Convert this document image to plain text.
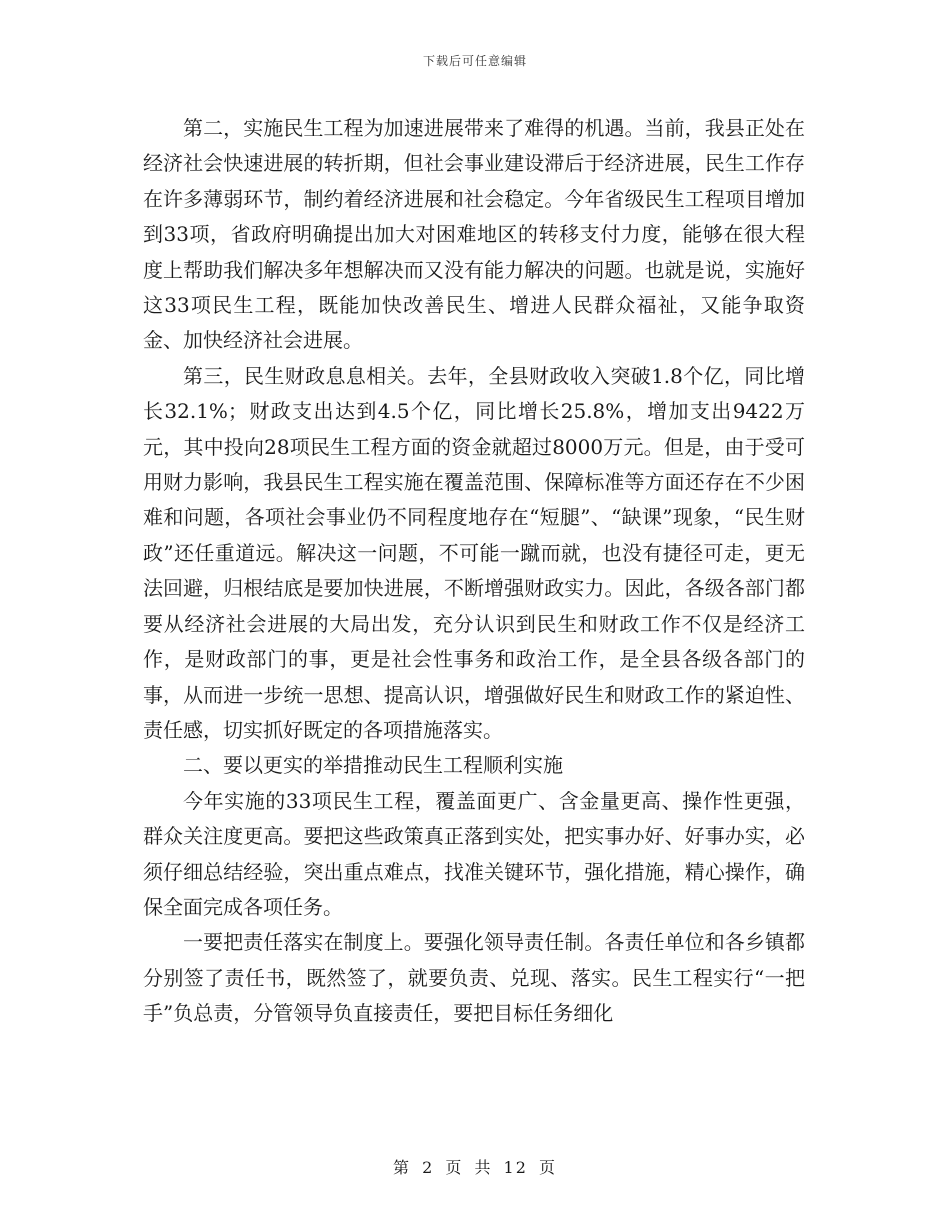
下载后可任意编辑

第二，实施民生工程为加速进展带来了难得的机遇。当前，我县正处在经济社会快速进展的转折期，但社会事业建设滞后于经济进展，民生工作存在许多薄弱环节，制约着经济进展和社会稳定。今年省级民生工程项目增加到33项，省政府明确提出加大对困难地区的转移支付力度，能够在很大程度上帮助我们解决多年想解决而又没有能力解决的问题。也就是说，实施好这33项民生工程，既能加快改善民生、增进人民群众福祉，又能争取资金、加快经济社会进展。

第三，民生财政息息相关。去年，全县财政收入突破1.8个亿，同比增长32.1%；财政支出达到4.5个亿，同比增长25.8%，增加支出9422万元，其中投向28项民生工程方面的资金就超过8000万元。但是，由于受可用财力影响，我县民生工程实施在覆盖范围、保障标准等方面还存在不少困难和问题，各项社会事业仍不同程度地存在“短腿”、“缺课”现象，“民生财政”还任重道远。解决这一问题，不可能一蹴而就，也没有捷径可走，更无法回避，归根结底是要加快进展，不断增强财政实力。因此，各级各部门都要从经济社会进展的大局出发，充分认识到民生和财政工作不仅是经济工作，是财政部门的事，更是社会性事务和政治工作，是全县各级各部门的事，从而进一步统一思想、提高认识，增强做好民生和财政工作的紧迫性、责任感，切实抓好既定的各项措施落实。

二、要以更实的举措推动民生工程顺利实施

今年实施的33项民生工程，覆盖面更广、含金量更高、操作性更强，群众关注度更高。要把这些政策真正落到实处，把实事办好、好事办实，必须仔细总结经验，突出重点难点，找准关键环节，强化措施，精心操作，确保全面完成各项任务。

一要把责任落实在制度上。要强化领导责任制。各责任单位和各乡镇都分别签了责任书，既然签了，就要负责、兑现、落实。民生工程实行“一把手”负总责，分管领导负直接责任，要把目标任务细化

第 2 页 共 12 页
